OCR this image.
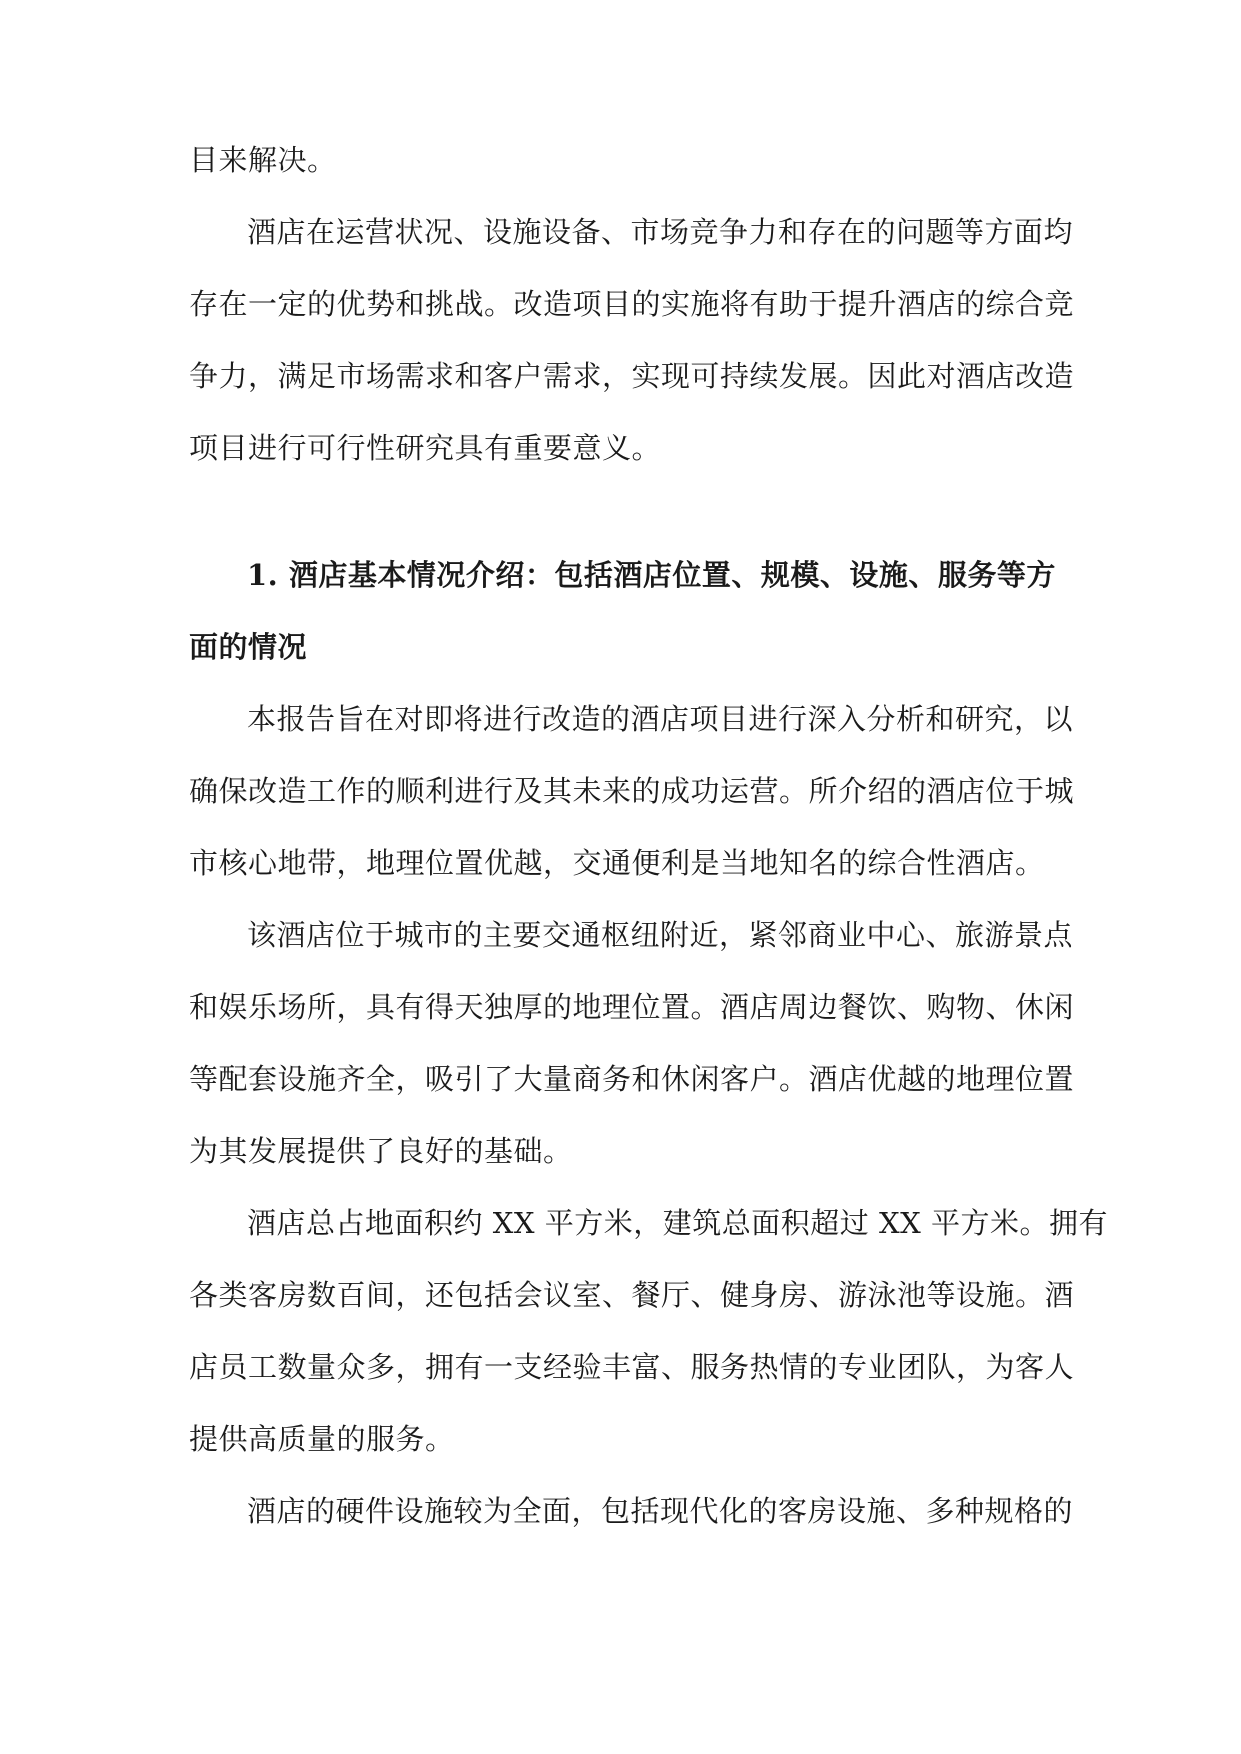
目来解决。
酒店在运营状况、设施设备、市场竞争力和存在的问题等方面均
存在一定的优势和挑战。改造项目的实施将有助于提升酒店的综合竞
争力，满足市场需求和客户需求，实现可持续发展。因此对酒店改造
项目进行可行性研究具有重要意义。
1. 酒店基本情况介绍：包括酒店位置、规模、设施、服务等方
面的情况
本报告旨在对即将进行改造的酒店项目进行深入分析和研究，以
确保改造工作的顺利进行及其未来的成功运营。所介绍的酒店位于城
市核心地带，地理位置优越，交通便利是当地知名的综合性酒店。
该酒店位于城市的主要交通枢纽附近，紧邻商业中心、旅游景点
和娱乐场所，具有得天独厚的地理位置。酒店周边餐饮、购物、休闲
等配套设施齐全，吸引了大量商务和休闲客户。酒店优越的地理位置
为其发展提供了良好的基础。
酒店总占地面积约 XX 平方米，建筑总面积超过 XX 平方米。拥有
各类客房数百间，还包括会议室、餐厅、健身房、游泳池等设施。酒
店员工数量众多，拥有一支经验丰富、服务热情的专业团队，为客人
提供高质量的服务。
酒店的硬件设施较为全面，包括现代化的客房设施、多种规格的
